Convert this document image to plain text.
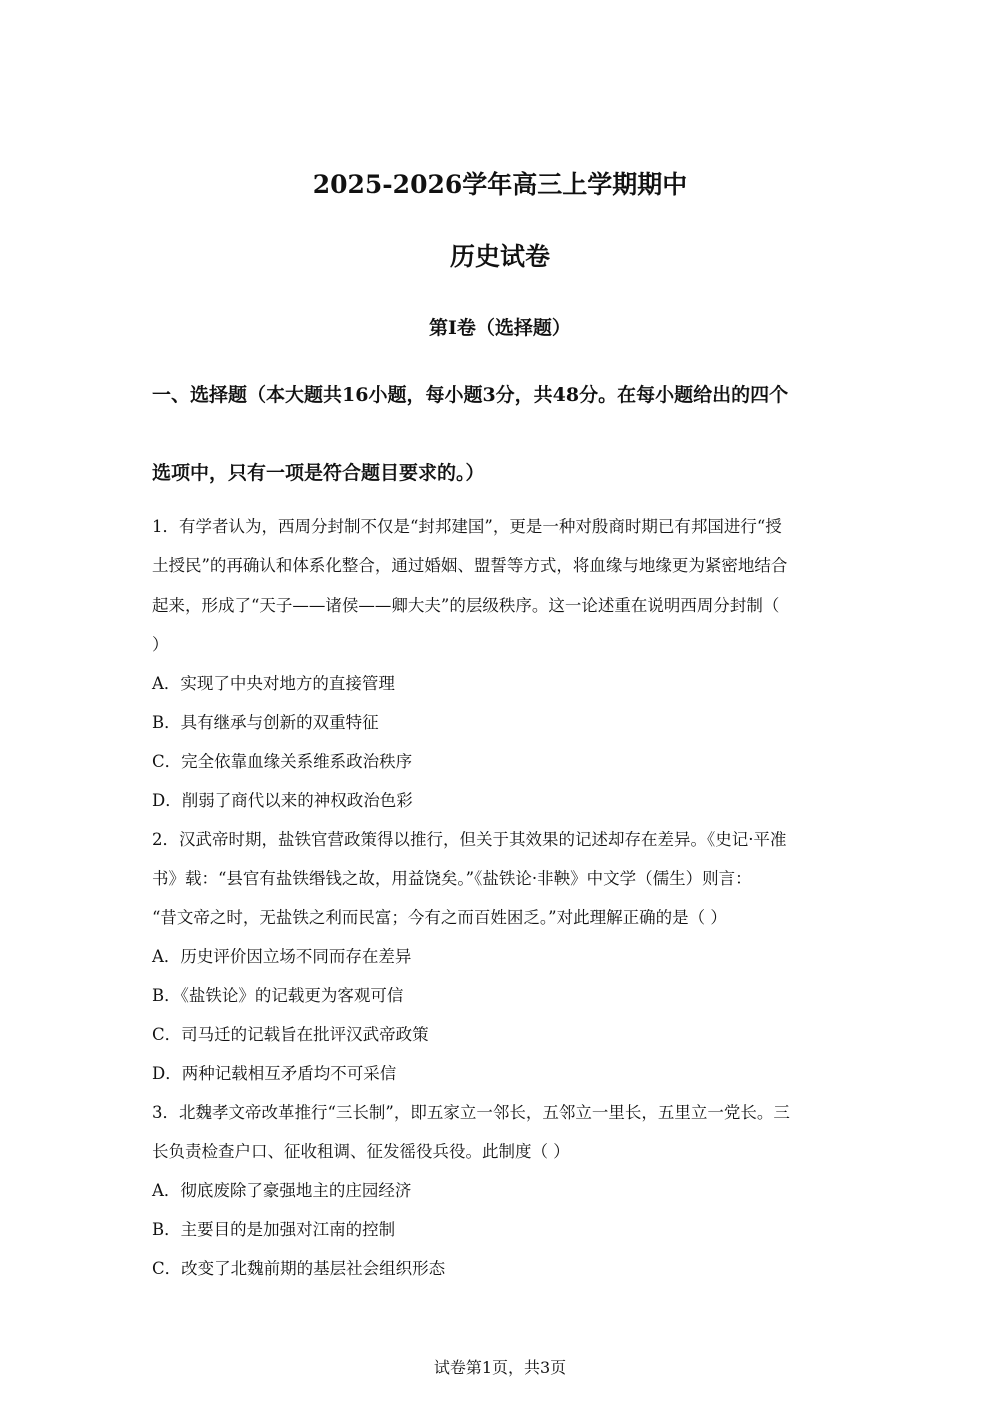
2025-2026学年高三上学期期中
历史试卷
第Ⅰ卷（选择题）
一、选择题（本大题共16小题，每小题3分，共48分。在每小题给出的四个
选项中，只有一项是符合题目要求的。）
1．有学者认为，西周分封制不仅是“封邦建国”，更是一种对殷商时期已有邦国进行“授
土授民”的再确认和体系化整合，通过婚姻、盟誓等方式，将血缘与地缘更为紧密地结合
起来，形成了“天子——诸侯——卿大夫”的层级秩序。这一论述重在说明西周分封制（
）
A．实现了中央对地方的直接管理
B．具有继承与创新的双重特征
C．完全依靠血缘关系维系政治秩序
D．削弱了商代以来的神权政治色彩
2．汉武帝时期，盐铁官营政策得以推行，但关于其效果的记述却存在差异。《史记·平准
书》载：“县官有盐铁缗钱之故，用益饶矣。”《盐铁论·非鞅》中文学（儒生）则言：
“昔文帝之时，无盐铁之利而民富；今有之而百姓困乏。”对此理解正确的是（ ）
A．历史评价因立场不同而存在差异
B．《盐铁论》的记载更为客观可信
C．司马迁的记载旨在批评汉武帝政策
D．两种记载相互矛盾均不可采信
3．北魏孝文帝改革推行“三长制”，即五家立一邻长，五邻立一里长，五里立一党长。三
长负责检查户口、征收租调、征发徭役兵役。此制度（ ）
A．彻底废除了豪强地主的庄园经济
B．主要目的是加强对江南的控制
C．改变了北魏前期的基层社会组织形态
试卷第1页，共3页
